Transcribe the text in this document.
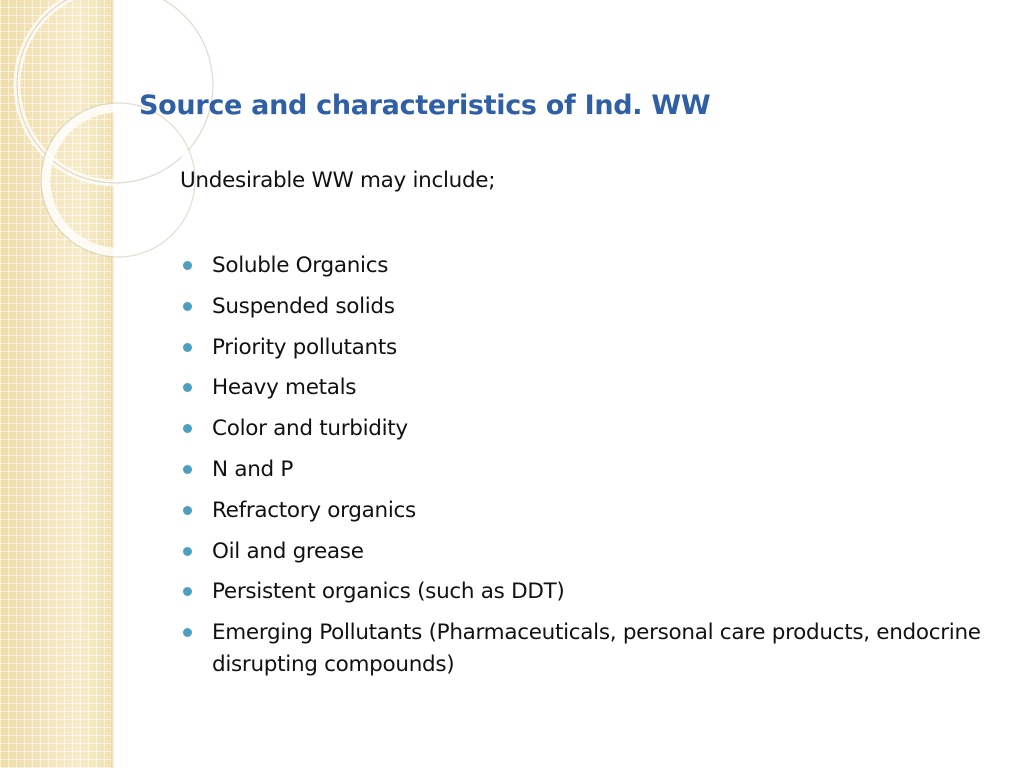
Source and characteristics of Ind. WW

Undesirable WW may include;

Soluble Organics
Suspended solids
Priority pollutants
Heavy metals
Color and turbidity
N and P
Refractory organics
Oil and grease
Persistent organics (such as DDT)
Emerging Pollutants (Pharmaceuticals, personal care products, endocrine disrupting compounds)
